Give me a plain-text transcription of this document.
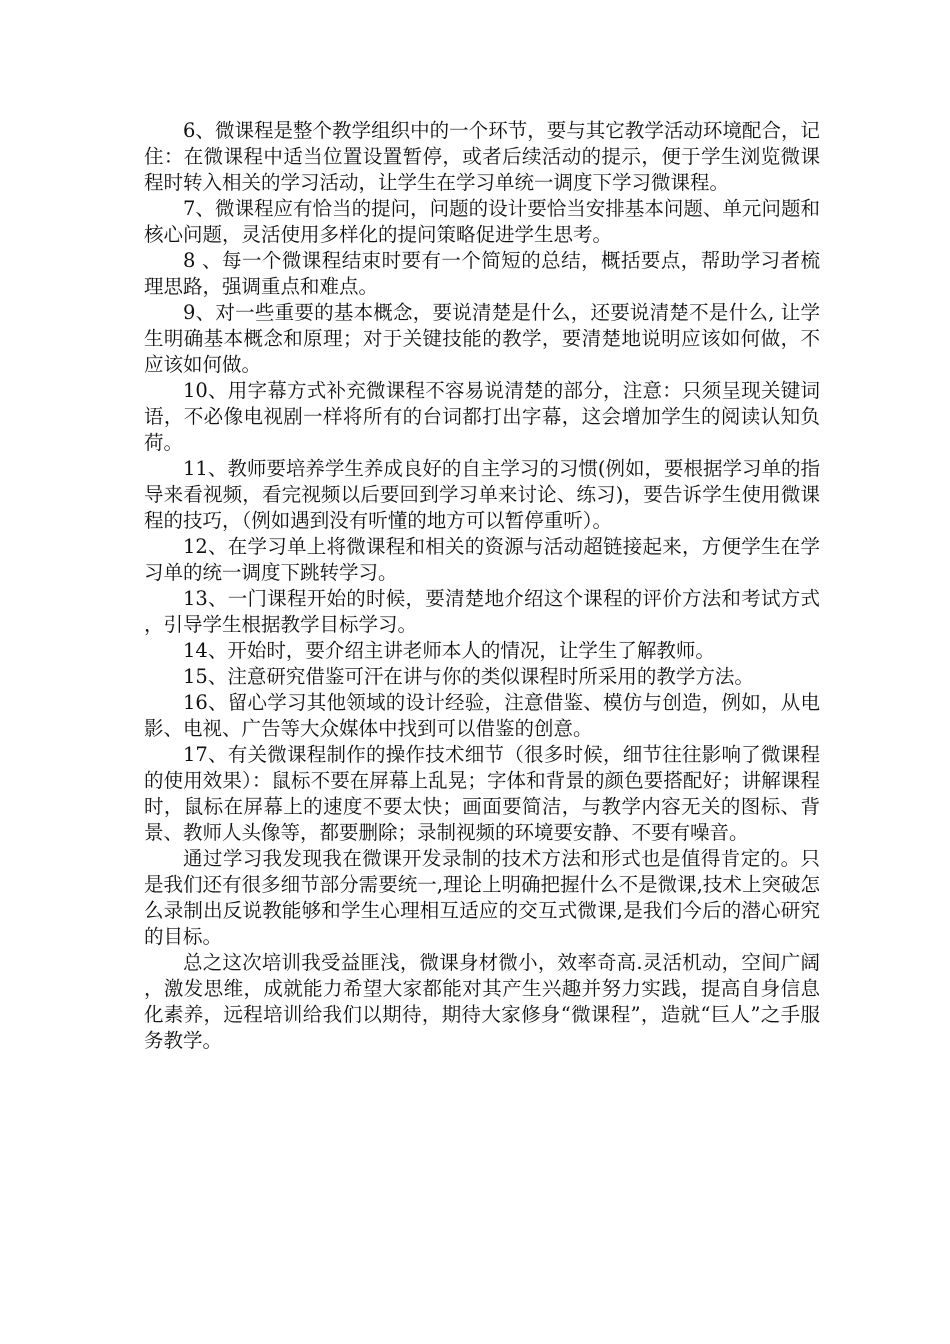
6、微课程是整个教学组织中的一个环节，要与其它教学活动环境配合，记住：在微课程中适当位置设置暂停，或者后续活动的提示，便于学生浏览微课程时转入相关的学习活动，让学生在学习单统一调度下学习微课程。

7、微课程应有恰当的提问，问题的设计要恰当安排基本问题、单元问题和核心问题，灵活使用多样化的提问策略促进学生思考。

8 、每一个微课程结束时要有一个简短的总结，概括要点，帮助学习者梳理思路，强调重点和难点。

9、对一些重要的基本概念，要说清楚是什么，还要说清楚不是什么, 让学生明确基本概念和原理；对于关键技能的教学，要清楚地说明应该如何做，不应该如何做。

10、用字幕方式补充微课程不容易说清楚的部分，注意：只须呈现关键词语，不必像电视剧一样将所有的台词都打出字幕，这会增加学生的阅读认知负荷。

11、教师要培养学生养成良好的自主学习的习惯(例如，要根据学习单的指导来看视频，看完视频以后要回到学习单来讨论、练习)，要告诉学生使用微课程的技巧，（例如遇到没有听懂的地方可以暂停重听）。

12、在学习单上将微课程和相关的资源与活动超链接起来，方便学生在学习单的统一调度下跳转学习。

13、一门课程开始的时候，要清楚地介绍这个课程的评价方法和考试方式，引导学生根据教学目标学习。

14、开始时，要介绍主讲老师本人的情况，让学生了解教师。

15、注意研究借鉴可汗在讲与你的类似课程时所采用的教学方法。

16、留心学习其他领域的设计经验，注意借鉴、模仿与创造，例如，从电影、电视、广告等大众媒体中找到可以借鉴的创意。

17、有关微课程制作的操作技术细节（很多时候，细节往往影响了微课程的使用效果）：鼠标不要在屏幕上乱晃；字体和背景的颜色要搭配好；讲解课程时，鼠标在屏幕上的速度不要太快；画面要简洁，与教学内容无关的图标、背景、教师人头像等，都要删除；录制视频的环境要安静、不要有噪音。

通过学习我发现我在微课开发录制的技术方法和形式也是值得肯定的。只是我们还有很多细节部分需要统一,理论上明确把握什么不是微课,技术上突破怎么录制出反说教能够和学生心理相互适应的交互式微课,是我们今后的潜心研究的目标。

总之这次培训我受益匪浅，微课身材微小，效率奇高.灵活机动，空间广阔，激发思维，成就能力希望大家都能对其产生兴趣并努力实践，提高自身信息化素养，远程培训给我们以期待，期待大家修身“微课程”，造就“巨人”之手服务教学。
